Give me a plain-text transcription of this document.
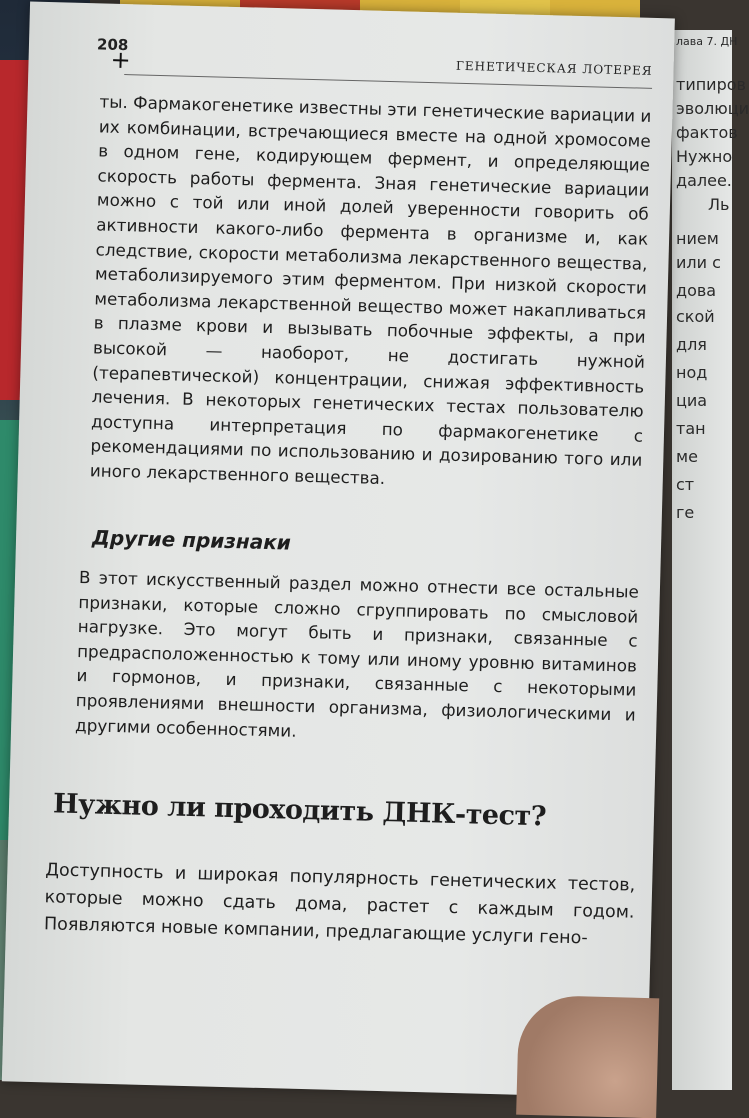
лава 7. ДН
типиров
эволюци
фактов
Нужно
далее.
Ль
нием
или с
дова
ской
для
нод
циа
тан
ме
ст
ге
208
+	ГЕНЕТИЧЕСКАЯ ЛОТЕРЕЯ

ты. Фармакогенетике известны эти генетические вариации и их комбинации, встречающиеся вместе на одной хромосоме в одном гене, кодирующем фермент, и определяющие скорость работы фермента. Зная генетические вариации можно с той или иной долей уверенности говорить об активности какого-либо фермента в организме и, как следствие, скорости метаболизма лекарственного вещества, метаболизируемого этим ферментом. При низкой скорости метаболизма лекарственной вещество может накапливаться в плазме крови и вызывать побочные эффекты, а при высокой — наоборот, не достигать нужной (терапевтической) концентрации, снижая эффективность лечения. В некоторых генетических тестах пользователю доступна интерпретация по фармакогенетике с рекомендациями по использованию и дозированию того или иного лекарственного вещества.

Другие признаки

В этот искусственный раздел можно отнести все остальные признаки, которые сложно сгруппировать по смысловой нагрузке. Это могут быть и признаки, связанные с предрасположенностью к тому или иному уровню витаминов и гормонов, и признаки, связанные с некоторыми проявлениями внешности организма, физиологическими и другими особенностями.

Нужно ли проходить ДНК-тест?

Доступность и широкая популярность генетических тестов, которые можно сдать дома, растет с каждым годом. Появляются новые компании, предлагающие услуги гено-
